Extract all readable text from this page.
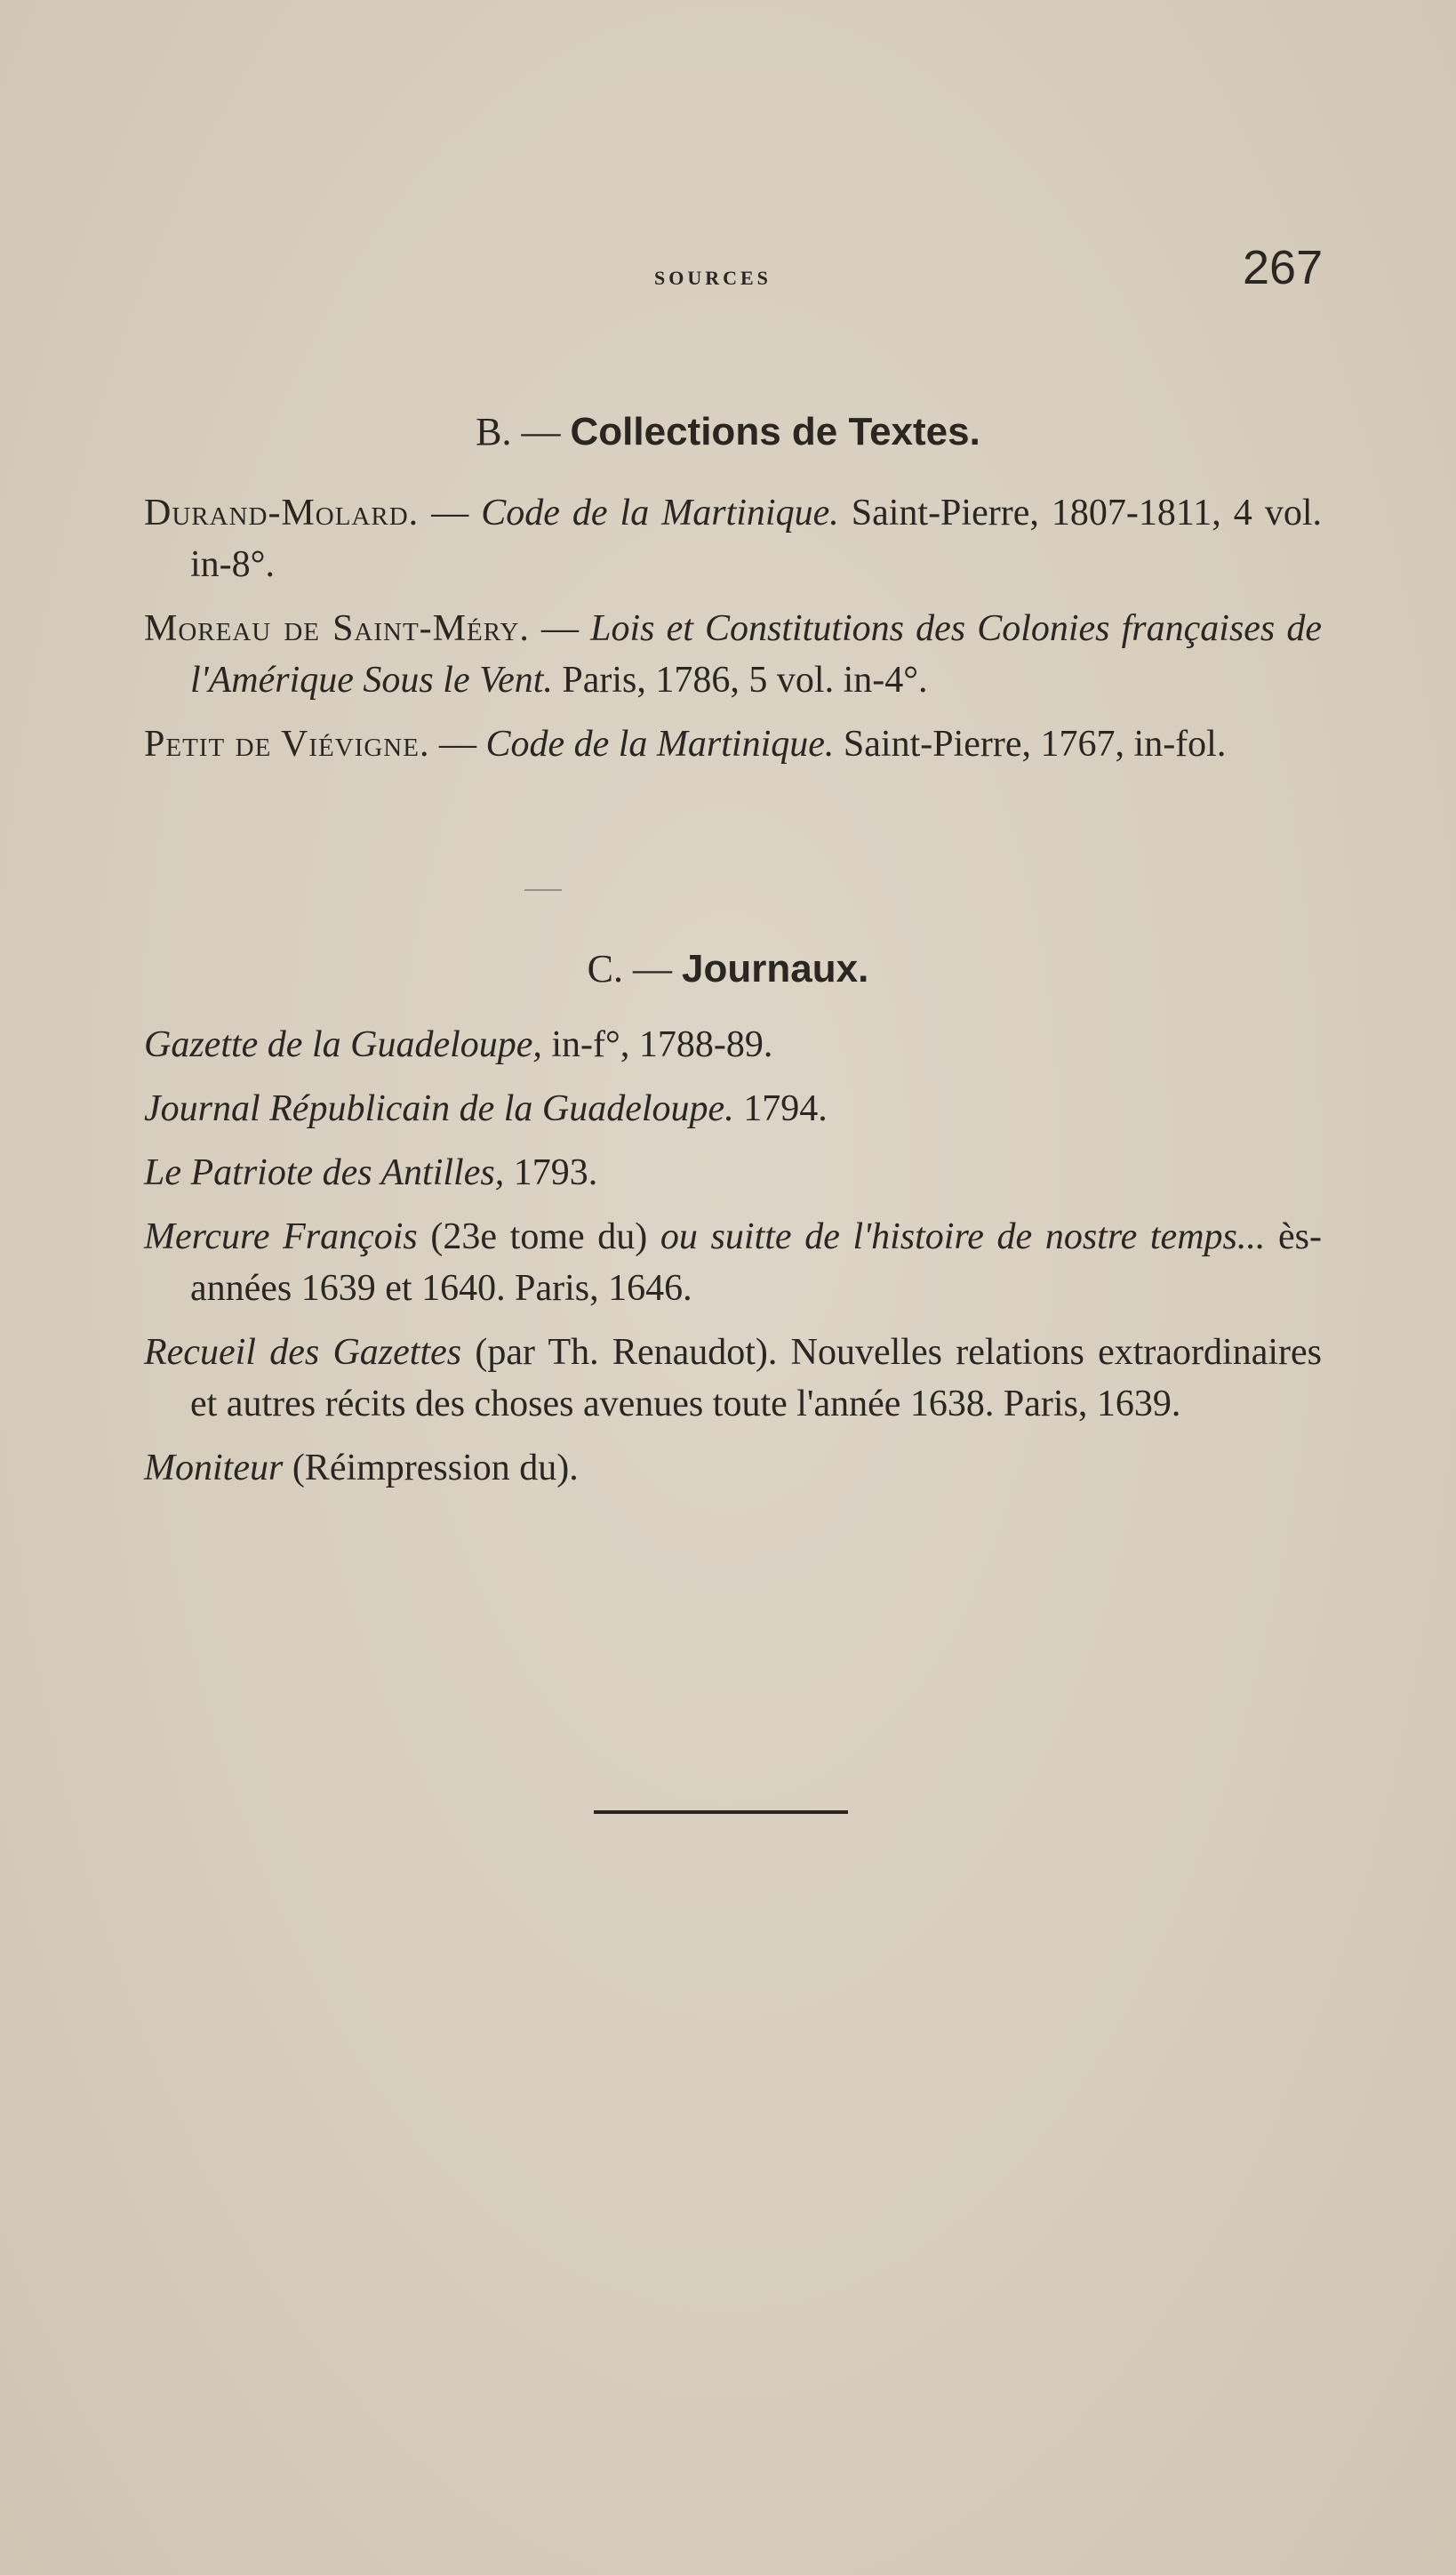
sources	267
B. — Collections de Textes.
Durand-Molard. — Code de la Martinique. Saint-Pierre, 1807-1811, 4 vol. in-8°.
Moreau de Saint-Méry. — Lois et Constitutions des Colonies françaises de l'Amérique Sous le Vent. Paris, 1786, 5 vol. in-4°.
Petit de Viévigne. — Code de la Martinique. Saint-Pierre, 1767, in-fol.
C. — Journaux.
Gazette de la Guadeloupe, in-f°, 1788-89.
Journal Républicain de la Guadeloupe. 1794.
Le Patriote des Antilles, 1793.
Mercure François (23e tome du) ou suitte de l'histoire de nostre temps... ès-années 1639 et 1640. Paris, 1646.
Recueil des Gazettes (par Th. Renaudot). Nouvelles relations extraordinaires et autres récits des choses avenues toute l'année 1638. Paris, 1639.
Moniteur (Réimpression du).
